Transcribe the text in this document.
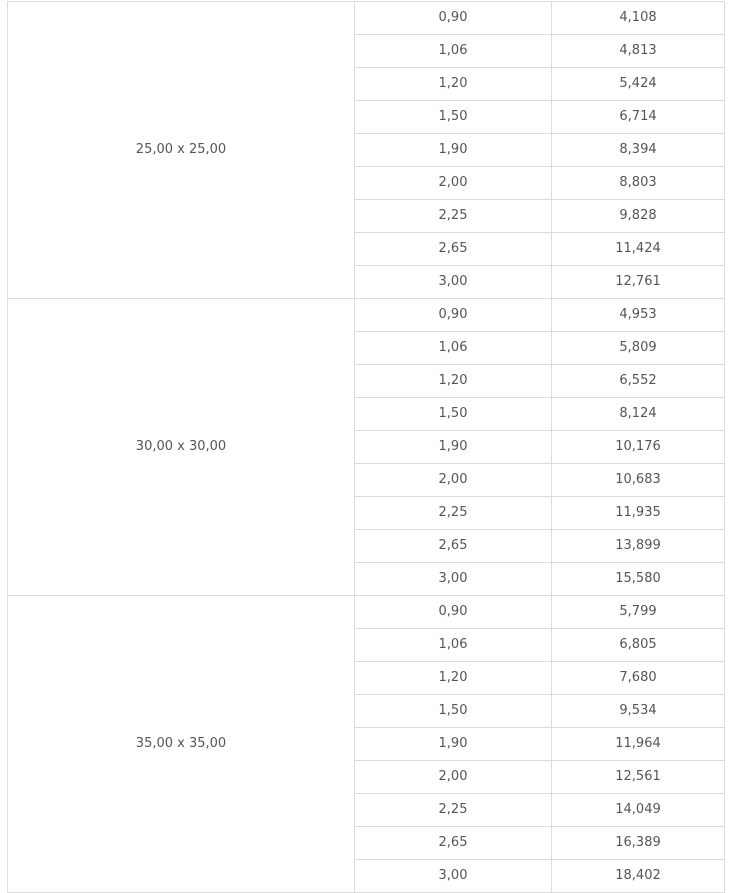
25,00 x 25,00	0,90	4,108
	1,06	4,813
	1,20	5,424
	1,50	6,714
	1,90	8,394
	2,00	8,803
	2,25	9,828
	2,65	11,424
	3,00	12,761
30,00 x 30,00	0,90	4,953
	1,06	5,809
	1,20	6,552
	1,50	8,124
	1,90	10,176
	2,00	10,683
	2,25	11,935
	2,65	13,899
	3,00	15,580
35,00 x 35,00	0,90	5,799
	1,06	6,805
	1,20	7,680
	1,50	9,534
	1,90	11,964
	2,00	12,561
	2,25	14,049
	2,65	16,389
	3,00	18,402
